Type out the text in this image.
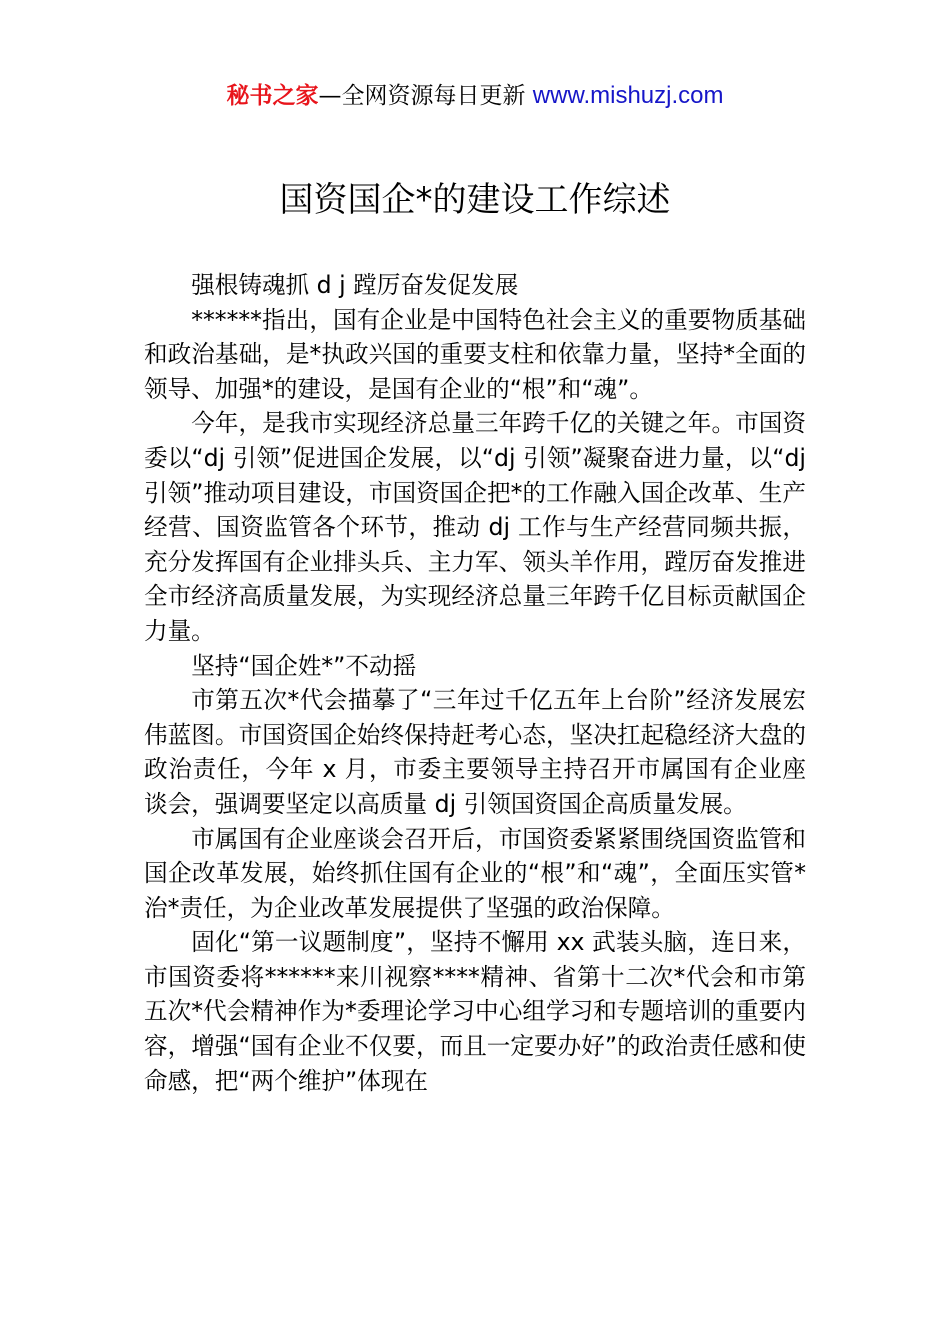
秘书之家—全网资源每日更新 www.mishuzj.com
国资国企*的建设工作综述

强根铸魂抓 d j 蹚厉奋发促发展

******指出，国有企业是中国特色社会主义的重要物质基础和政治基础，是*执政兴国的重要支柱和依靠力量，坚持*全面的领导、加强*的建设，是国有企业的“根”和“魂”。

今年，是我市实现经济总量三年跨千亿的关键之年。市国资委以“dj 引领”促进国企发展，以“dj 引领”凝聚奋进力量，以“dj 引领”推动项目建设，市国资国企把*的工作融入国企改革、生产经营、国资监管各个环节，推动 dj 工作与生产经营同频共振，充分发挥国有企业排头兵、主力军、领头羊作用，蹚厉奋发推进全市经济高质量发展，为实现经济总量三年跨千亿目标贡献国企力量。

坚持“国企姓*”不动摇

市第五次*代会描摹了“三年过千亿五年上台阶”经济发展宏伟蓝图。市国资国企始终保持赶考心态，坚决扛起稳经济大盘的政治责任，今年 x 月，市委主要领导主持召开市属国有企业座谈会，强调要坚定以高质量 dj 引领国资国企高质量发展。

市属国有企业座谈会召开后，市国资委紧紧围绕国资监管和国企改革发展，始终抓住国有企业的“根”和“魂”，全面压实管*治*责任，为企业改革发展提供了坚强的政治保障。

固化“第一议题制度”，坚持不懈用 xx 武装头脑，连日来，市国资委将******来川视察****精神、省第十二次*代会和市第五次*代会精神作为*委理论学习中心组学习和专题培训的重要内容，增强“国有企业不仅要，而且一定要办好”的政治责任感和使命感，把“两个维护”体现在
